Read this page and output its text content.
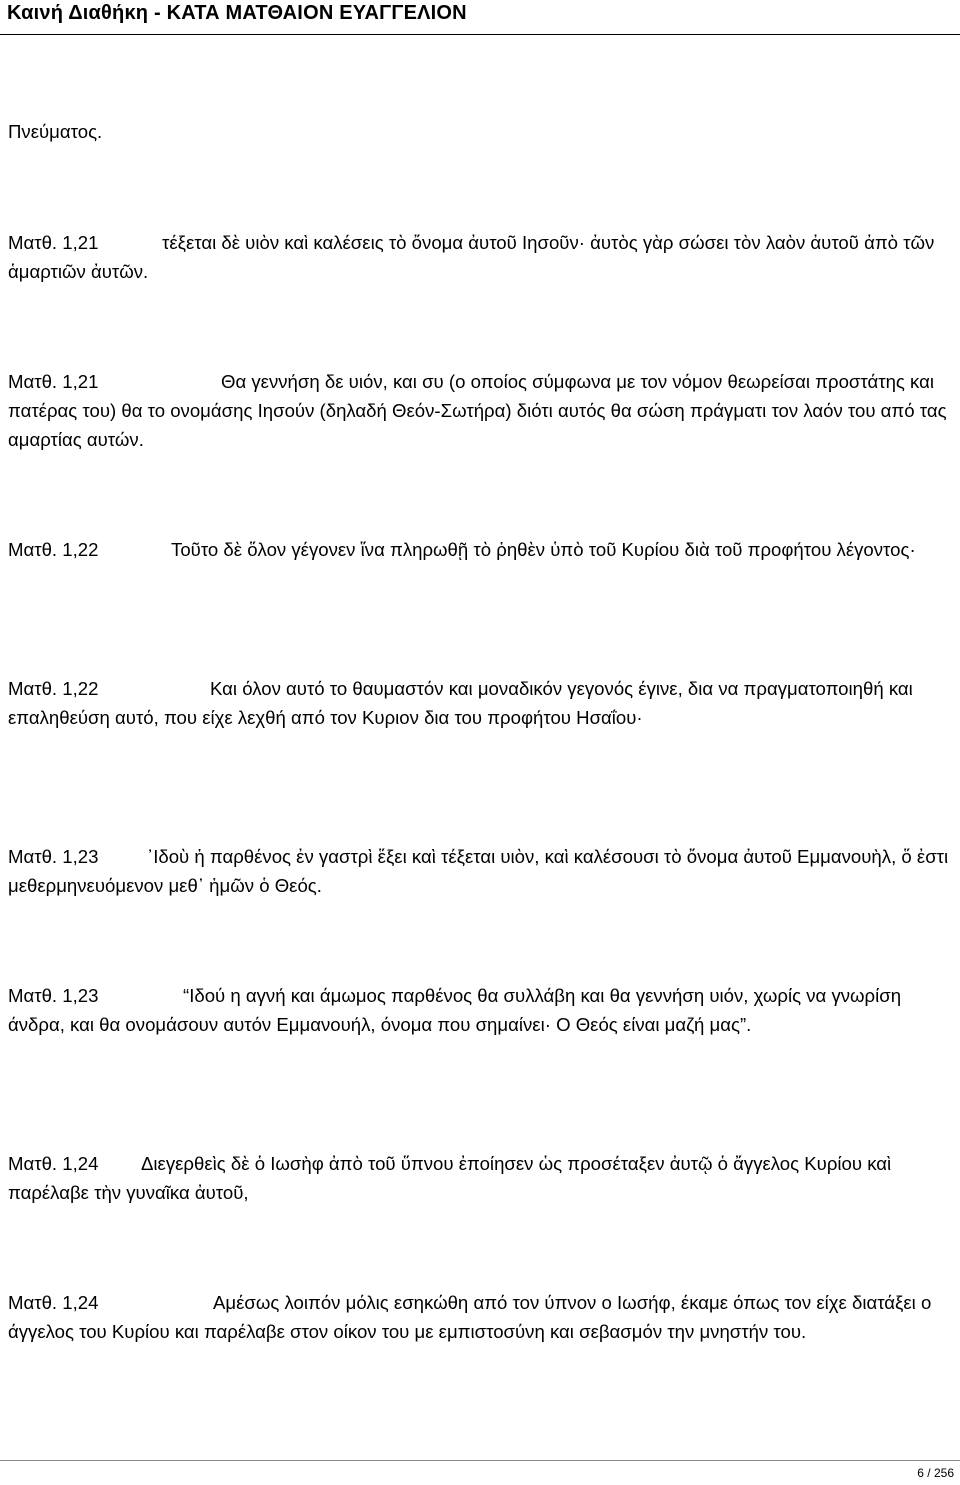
Καινή Διαθήκη - ΚΑΤΑ ΜΑΤΘΑΙΟΝ ΕΥΑΓΓΕΛΙΟΝ

Πνεύματος.

Ματθ. 1,21	τέξεται δὲ υιὸν καὶ καλέσεις τὸ ὄνομα ἀυτοῦ Ιησοῦν· ἀυτὸς γὰρ σώσει τὸν λαὸν ἀυτοῦ ἀπὸ τῶν ἁμαρτιῶν ἀυτῶν.

Ματθ. 1,21	Θα γεννήση δε υιόν, και συ (ο οποίος σύμφωνα με τον νόμον θεωρείσαι προστάτης και πατέρας του) θα το ονομάσης Ιησούν (δηλαδή Θεόν-Σωτήρα) διότι αυτός θα σώση πράγματι τον λαόν του από τας αμαρτίας αυτών.

Ματθ. 1,22	Τοῦτο δὲ ὅλον γέγονεν ἵνα πληρωθῇ τὸ ῥηθὲν ὑπὸ τοῦ Κυρίου διὰ τοῦ προφήτου λέγοντος·

Ματθ. 1,22	Και όλον αυτό το θαυμαστόν και μοναδικόν γεγονός έγινε, δια να πραγματοποιηθή και επαληθεύση αυτό, που είχε λεχθή από τον Κυριον δια του προφήτου Ησαΐου·

Ματθ. 1,23	᾿Ιδοὺ ἡ παρθένος ἐν γαστρὶ ἕξει καὶ τέξεται υιὸν, καὶ καλέσουσι τὸ ὄνομα ἀυτοῦ Εμμανουὴλ, ὅ ἐστι μεθερμηνευόμενον μεθ᾿ ἡμῶν ὁ Θεός.

Ματθ. 1,23	“Ιδού η αγνή και άμωμος παρθένος θα συλλάβη και θα γεννήση υιόν, χωρίς να γνωρίση άνδρα, και θα ονομάσουν αυτόν Εμμανουήλ, όνομα που σημαίνει· Ο Θεός είναι μαζή μας”.

Ματθ. 1,24 Διεγερθεὶς δὲ ὁ Ιωσὴφ ἀπὸ τοῦ ὕπνου ἐποίησεν ὡς προσέταξεν ἀυτῷ ὁ ἄγγελος Κυρίου καὶ παρέλαβε τὴν γυναῖκα ἀυτοῦ,

Ματθ. 1,24	Αμέσως λοιπόν μόλις εσηκώθη από τον ύπνον ο Ιωσήφ, έκαμε όπως τον είχε διατάξει ο άγγελος του Κυρίου και παρέλαβε στον οίκον του με εμπιστοσύνη και σεβασμόν την μνηστήν του.

6 / 256
